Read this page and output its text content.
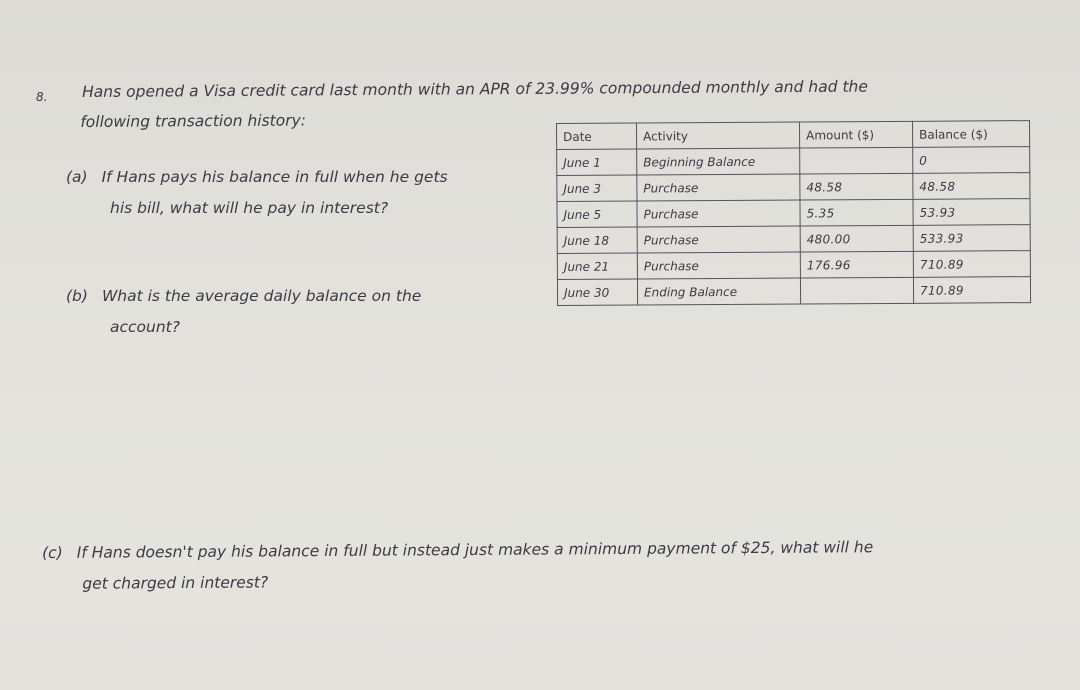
8. Hans opened a Visa credit card last month with an APR of 23.99% compounded monthly and had the
following transaction history:
(a) If Hans pays his balance in full when he gets
his bill, what will he pay in interest?
(b) What is the average daily balance on the
account?
(c) If Hans doesn't pay his balance in full but instead just makes a minimum payment of $25, what will he
get charged in interest?
Date	Activity	Amount ($)	Balance ($)
June 1	Beginning Balance		0
June 3	Purchase	48.58	48.58
June 5	Purchase	5.35	53.93
June 18	Purchase	480.00	533.93
June 21	Purchase	176.96	710.89
June 30	Ending Balance		710.89
